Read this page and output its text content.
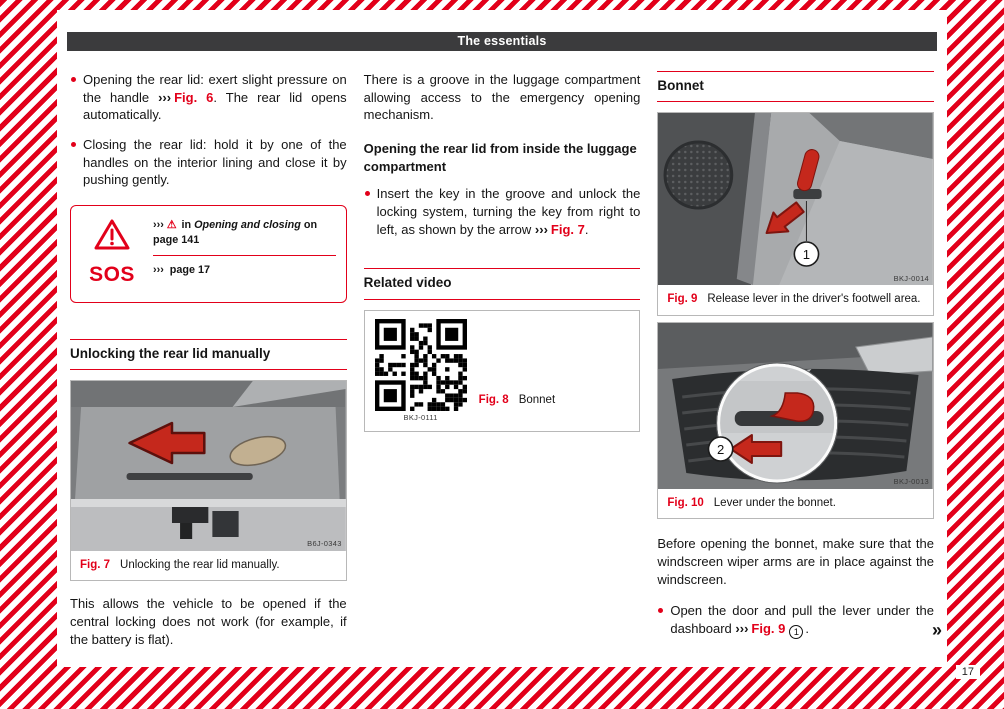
The essentials
Opening the rear lid: exert slight pressure on the handle ››› Fig. 6. The rear lid opens automatically.
Closing the rear lid: hold it by one of the handles on the interior lining and close it by pushing gently.
SOS
››› ⚠ in Opening and closing on page 141
››› page 17
Unlocking the rear lid manually
B6J-0343
Fig. 7 Unlocking the rear lid manually.

This allows the vehicle to be opened if the central locking does not work (for example, if the battery is flat).

There is a groove in the luggage compartment allowing access to the emergency opening mechanism.

Opening the rear lid from inside the luggage compartment

Insert the key in the groove and unlock the locking system, turning the key from right to left, as shown by the arrow ››› Fig. 7.
Related video
BKJ-0111
Fig. 8 Bonnet
Bonnet
1
BKJ-0014
Fig. 9 Release lever in the driver's footwell area.
2
BKJ-0013
Fig. 10 Lever under the bonnet.

Before opening the bonnet, make sure that the windscreen wiper arms are in place against the windscreen.

Open the door and pull the lever under the dashboard ››› Fig. 9 1 .	»
17
